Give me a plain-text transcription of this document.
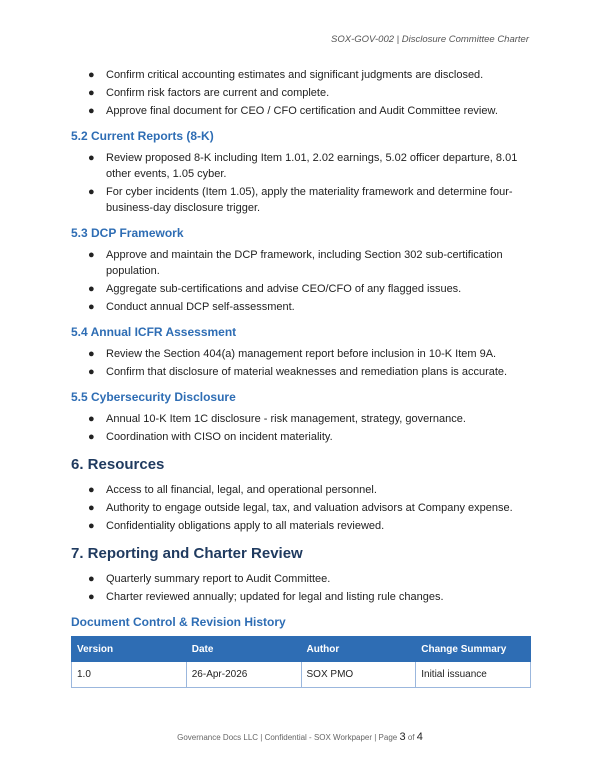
SOX-GOV-002 | Disclosure Committee Charter
● Confirm critical accounting estimates and significant judgments are disclosed.
● Confirm risk factors are current and complete.
● Approve final document for CEO / CFO certification and Audit Committee review.
5.2 Current Reports (8-K)
● Review proposed 8-K including Item 1.01, 2.02 earnings, 5.02 officer departure, 8.01 other events, 1.05 cyber.
● For cyber incidents (Item 1.05), apply the materiality framework and determine four-business-day disclosure trigger.
5.3 DCP Framework
● Approve and maintain the DCP framework, including Section 302 sub-certification population.
● Aggregate sub-certifications and advise CEO/CFO of any flagged issues.
● Conduct annual DCP self-assessment.
5.4 Annual ICFR Assessment
● Review the Section 404(a) management report before inclusion in 10-K Item 9A.
● Confirm that disclosure of material weaknesses and remediation plans is accurate.
5.5 Cybersecurity Disclosure
● Annual 10-K Item 1C disclosure - risk management, strategy, governance.
● Coordination with CISO on incident materiality.
6. Resources
● Access to all financial, legal, and operational personnel.
● Authority to engage outside legal, tax, and valuation advisors at Company expense.
● Confidentiality obligations apply to all materials reviewed.
7. Reporting and Charter Review
● Quarterly summary report to Audit Committee.
● Charter reviewed annually; updated for legal and listing rule changes.
Document Control & Revision History
Version	Date	Author	Change Summary
1.0	26-Apr-2026	SOX PMO	Initial issuance
Governance Docs LLC | Confidential - SOX Workpaper | Page 3 of 4
